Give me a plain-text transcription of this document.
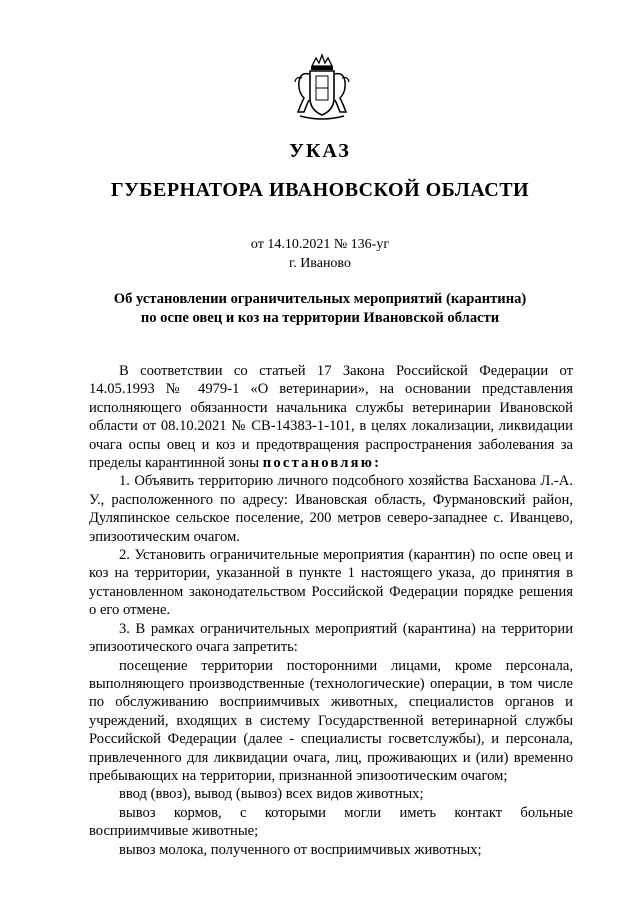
УКАЗ
ГУБЕРНАТОРА ИВАНОВСКОЙ ОБЛАСТИ
от 14.10.2021 № 136-уг
г. Иваново
Об установлении ограничительных мероприятий (карантина)
по оспе овец и коз на территории Ивановской области

В соответствии со статьей 17 Закона Российской Федерации от 14.05.1993 № 4979-1 «О ветеринарии», на основании представления исполняющего обязанности начальника службы ветеринарии Ивановской области от 08.10.2021 № СВ-14383-1-101, в целях локализации, ликвидации очага оспы овец и коз и предотвращения распространения заболевания за пределы карантинной зоны постановляю:

1. Объявить территорию личного подсобного хозяйства Басханова Л.-А. У., расположенного по адресу: Ивановская область, Фурмановский район, Дуляпинское сельское поселение, 200 метров северо-западнее с. Иванцево, эпизоотическим очагом.

2. Установить ограничительные мероприятия (карантин) по оспе овец и коз на территории, указанной в пункте 1 настоящего указа, до принятия в установленном законодательством Российской Федерации порядке решения о его отмене.

3. В рамках ограничительных мероприятий (карантина) на территории эпизоотического очага запретить:

посещение территории посторонними лицами, кроме персонала, выполняющего производственные (технологические) операции, в том числе по обслуживанию восприимчивых животных, специалистов органов и учреждений, входящих в систему Государственной ветеринарной службы Российской Федерации (далее - специалисты госветслужбы), и персонала, привлеченного для ликвидации очага, лиц, проживающих и (или) временно пребывающих на территории, признанной эпизоотическим очагом;

ввод (ввоз), вывод (вывоз) всех видов животных;

вывоз кормов, с которыми могли иметь контакт больные восприимчивые животные;

вывоз молока, полученного от восприимчивых животных;
